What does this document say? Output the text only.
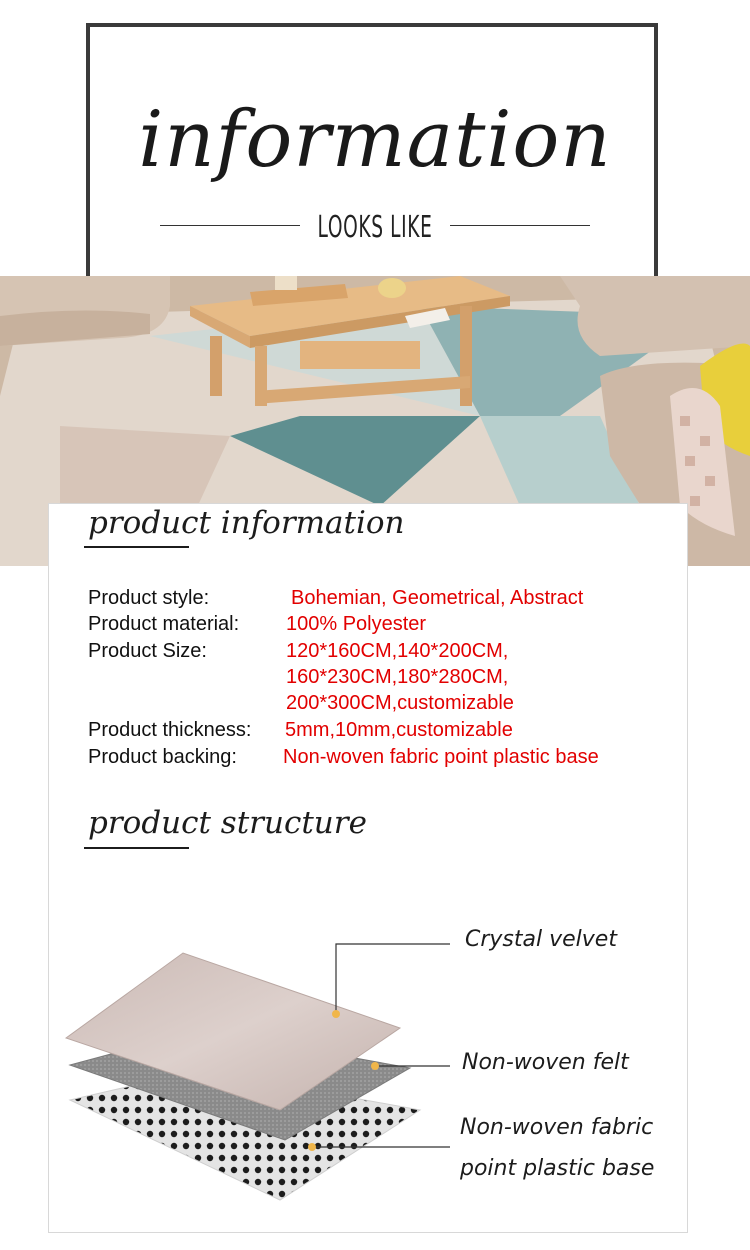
information
LOOKS LIKE
product information
Product style:	Bohemian, Geometrical, Abstract
Product material: 100% Polyester
Product Size:	120*160CM,140*200CM,
160*230CM,180*280CM,
200*300CM,customizable
Product thickness: 5mm,10mm,customizable
Product backing: Non-woven fabric point plastic base
product structure
Crystal velvet
Non-woven felt
Non-woven fabric
point plastic base
